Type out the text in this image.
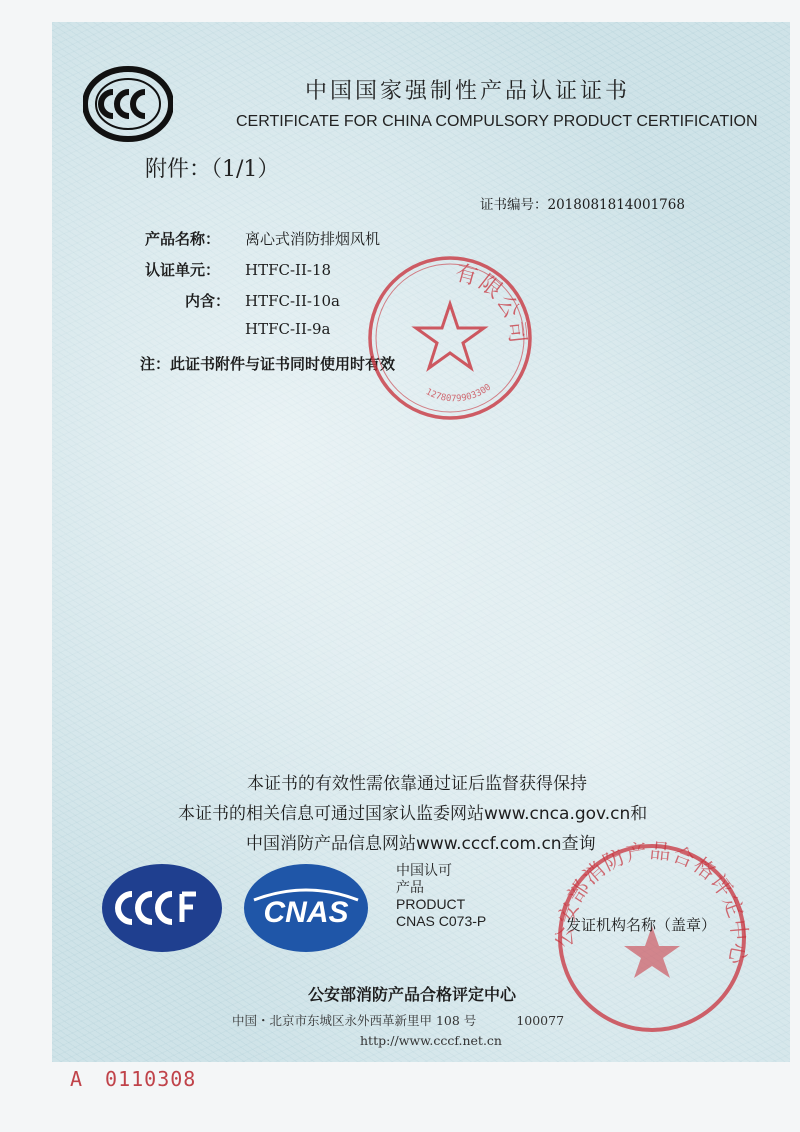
中国国家强制性产品认证证书
CERTIFICATE FOR CHINA COMPULSORY PRODUCT CERTIFICATION
附件：（1/1）
证书编号：2018081814001768
产品名称： 离心式消防排烟风机
认证单元： HTFC-II-18
内含： HTFC-II-10a
HTFC-II-9a
注：此证书附件与证书同时使用时有效
有限公司
1278079903300
本证书的有效性需依靠通过证后监督获得保持
本证书的相关信息可通过国家认监委网站www.cnca.gov.cn和
中国消防产品信息网站www.cccf.com.cn查询
CNAS
中国认可
产品
PRODUCT
CNAS C073-P
公安部消防产品合格评定中心
发证机构名称（盖章）
公安部消防产品合格评定中心
中国・北京市东城区永外西革新里甲 108 号	100077
http://www.cccf.net.cn
A 0110308
